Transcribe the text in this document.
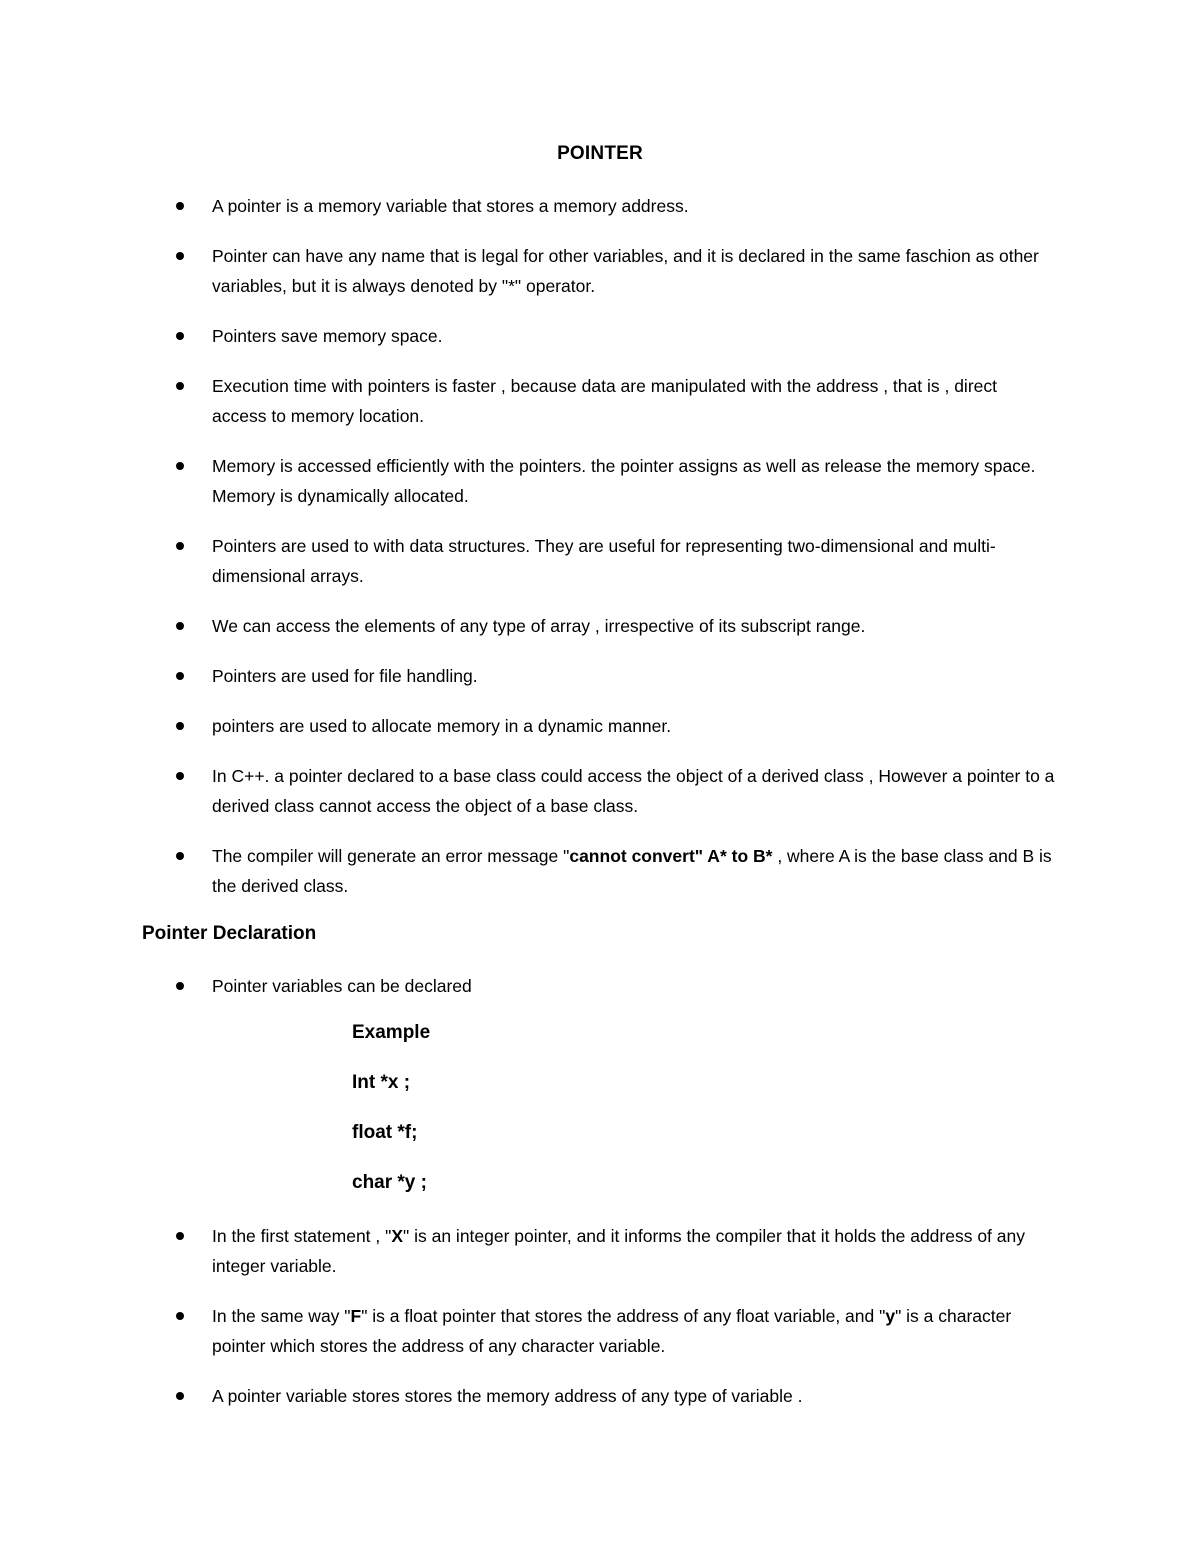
POINTER
A pointer is a memory variable that stores a memory address.
Pointer can have any name that is legal for other variables, and it is declared in the same faschion as other variables, but it is always denoted by "*" operator.
Pointers save memory space.
Execution time with pointers is faster , because data are manipulated with the address , that is , direct access to memory location.
Memory is accessed efficiently with the pointers. the pointer assigns as well as release the memory space. Memory is dynamically allocated.
Pointers are used to with data structures. They are useful for representing two-dimensional and multi-dimensional arrays.
We can access the elements of any type of array , irrespective of its subscript range.
Pointers are used for file handling.
pointers are used to allocate memory in a dynamic manner.
In C++. a pointer declared to a base class could access the object of a derived class , However a pointer to a derived class cannot access the object of a base class.
The compiler will generate an error message "cannot convert" A* to B* , where A is the base class and B is the derived class.
Pointer Declaration
Pointer variables can be declared
Example
Int *x ;
float *f;
char *y ;
In the first statement , "X" is an integer pointer, and it informs the compiler that it holds the address of any integer variable.
In the same way "F" is a float pointer that stores the address of any float variable, and "y" is a character pointer which stores the address of any character variable.
A pointer variable stores stores the memory address of any type of variable .
